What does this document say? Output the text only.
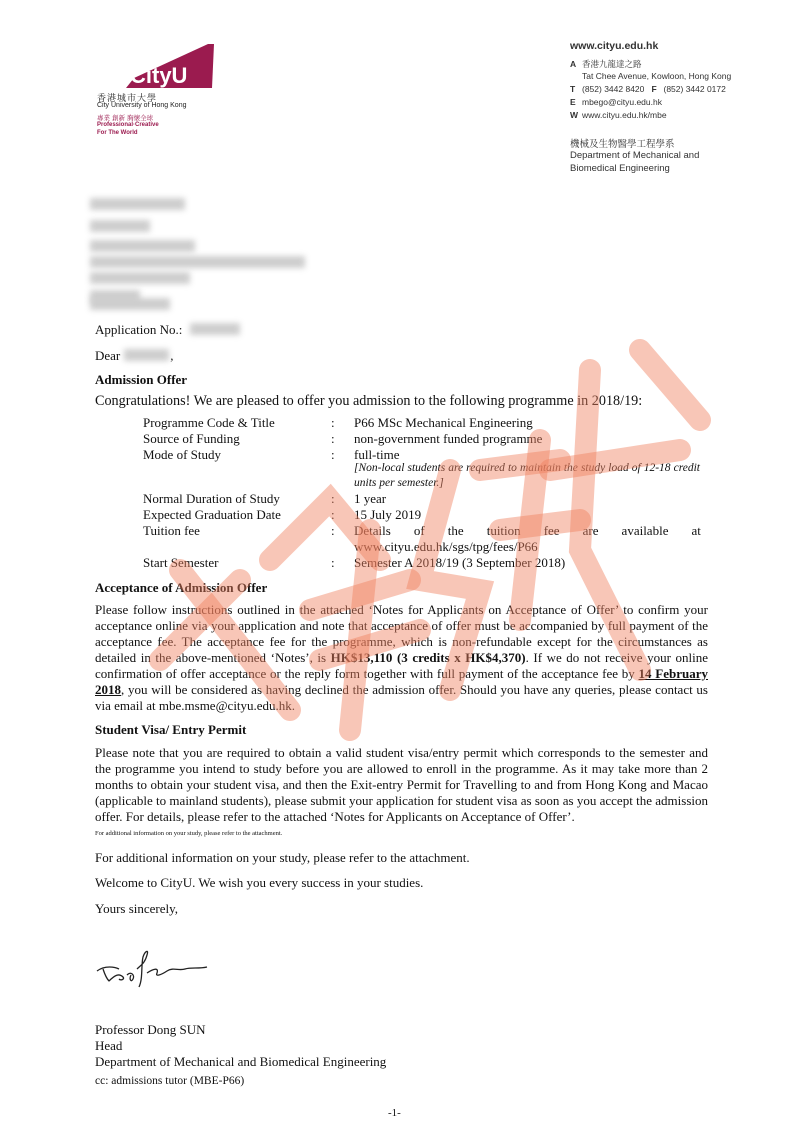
CityU
香港城市大學
City University of Hong Kong
專業 創新 胸懷全球
Professional·Creative
For The World
www.cityu.edu.hk
A 香港九龍達之路
Tat Chee Avenue, Kowloon, Hong Kong
T (852) 3442 8420 F (852) 3442 0172
E mbego@cityu.edu.hk
W www.cityu.edu.hk/mbe
機械及生物醫學工程學系
Department of Mechanical and
Biomedical Engineering
Application No.:
Dear	,
Admission Offer
Congratulations! We are pleased to offer you admission to the following programme in 2018/19:
Programme Code & Title	: P66 MSc Mechanical Engineering
Source of Funding	: non-government funded programme
Mode of Study	: full-time
[Non-local students are required to maintain the study load of 12-18 credit units per semester.]
Normal Duration of Study	: 1 year
Expected Graduation Date	: 15 July 2019
Tuition fee	: Details of the tuition fee are available at
www.cityu.edu.hk/sgs/tpg/fees/P66
Start Semester	: Semester A 2018/19 (3 September 2018)
Acceptance of Admission Offer
Please follow instructions outlined in the attached ‘Notes for Applicants on Acceptance of Offer’ to confirm your acceptance online via your application and note that acceptance of offer must be accompanied by full payment of the acceptance fee. The acceptance fee for the programme, which is non-refundable except for the circumstances as detailed in the above-mentioned ‘Notes’, is HK$13,110 (3 credits x HK$4,370). If we do not receive your online confirmation of offer acceptance or the reply form together with full payment of the acceptance fee by 14 February 2018, you will be considered as having declined the admission offer. Should you have any queries, please contact us via email at mbe.msme@cityu.edu.hk.
Student Visa/ Entry Permit
Please note that you are required to obtain a valid student visa/entry permit which corresponds to the semester and the programme you intend to study before you are allowed to enroll in the programme. As it may take more than 2 months to obtain your student visa, and then the Exit-entry Permit for Travelling to and from Hong Kong and Macao (applicable to mainland students), please submit your application for student visa as soon as you accept the admission offer. For details, please refer to the attached ‘Notes for Applicants on Acceptance of Offer’.
For additional information on your study, please refer to the attachment.
For additional information on your study, please refer to the attachment.
Welcome to CityU. We wish you every success in your studies.
Yours sincerely,
Professor Dong SUN
Head
Department of Mechanical and Biomedical Engineering
cc: admissions tutor (MBE-P66)
-1-
